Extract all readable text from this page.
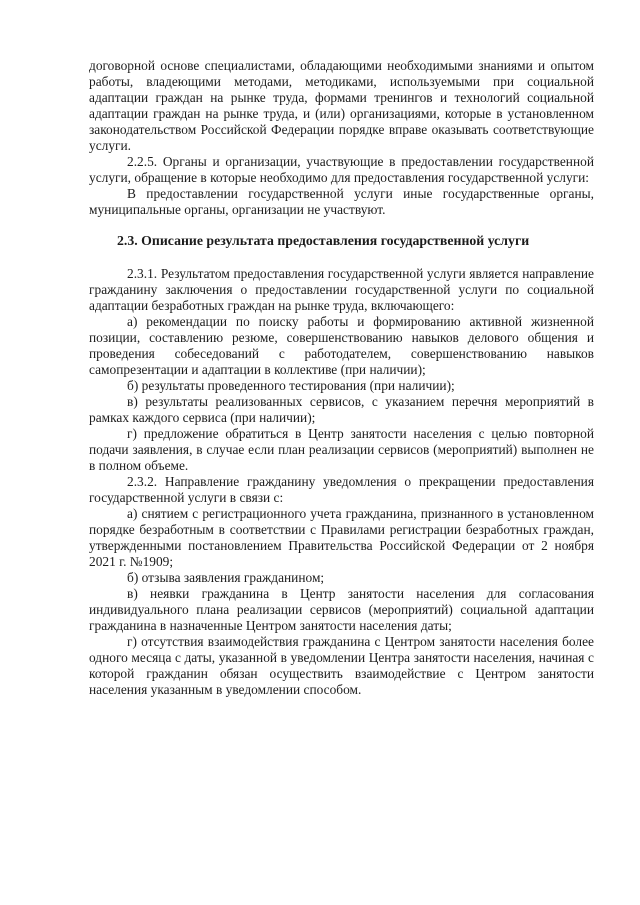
договорной основе специалистами, обладающими необходимыми знаниями и опытом работы, владеющими методами, методиками, используемыми при социальной адаптации граждан на рынке труда, формами тренингов и технологий социальной адаптации граждан на рынке труда, и (или) организациями, которые в установленном законодательством Российской Федерации порядке вправе оказывать соответствующие услуги.

2.2.5. Органы и организации, участвующие в предоставлении государственной услуги, обращение в которые необходимо для предоставления государственной услуги:

В предоставлении государственной услуги иные государственные органы, муниципальные органы, организации не участвуют.

2.3. Описание результата предоставления государственной услуги

2.3.1. Результатом предоставления государственной услуги является направление гражданину заключения о предоставлении государственной услуги по социальной адаптации безработных граждан на рынке труда, включающего:

а) рекомендации по поиску работы и формированию активной жизненной позиции, составлению резюме, совершенствованию навыков делового общения и проведения собеседований с работодателем, совершенствованию навыков самопрезентации и адаптации в коллективе (при наличии);

б) результаты проведенного тестирования (при наличии);

в) результаты реализованных сервисов, с указанием перечня мероприятий в рамках каждого сервиса (при наличии);

г) предложение обратиться в Центр занятости населения с целью повторной подачи заявления, в случае если план реализации сервисов (мероприятий) выполнен не в полном объеме.

2.3.2. Направление гражданину уведомления о прекращении предоставления государственной услуги в связи с:

а) снятием с регистрационного учета гражданина, признанного в установленном порядке безработным в соответствии с Правилами регистрации безработных граждан, утвержденными постановлением Правительства Российской Федерации от 2 ноября 2021 г. №1909;

б) отзыва заявления гражданином;

в) неявки гражданина в Центр занятости населения для согласования индивидуального плана реализации сервисов (мероприятий) социальной адаптации гражданина в назначенные Центром занятости населения даты;

г) отсутствия взаимодействия гражданина с Центром занятости населения более одного месяца с даты, указанной в уведомлении Центра занятости населения, начиная с которой гражданин обязан осуществить взаимодействие с Центром занятости населения указанным в уведомлении способом.
